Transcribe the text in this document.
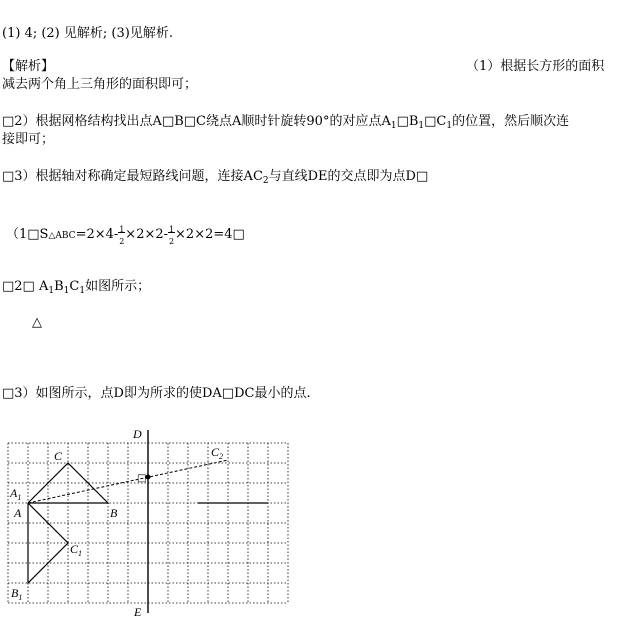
(1) 4; (2) 见解析; (3)见解析.
【解析】	（1）根据长方形的面积
减去两个角上三角形的面积即可；
□2）根据网格结构找出点A□B□C绕点A顺时针旋转90°的对应点$A_1□B_1□C_1$的位置，然后顺次连
接即可；
□3）根据轴对称确定最短路线问题，连接$AC_2$与直线DE的交点即为点D□
（1□S△ABC=2×4- 1
2 ×2×2- 1
2 ×2×2=4□
□2□ $A_1B_1C_1$如图所示；
△
□3）如图所示，点D即为所求的使DA□DC最小的点.
D
E
C
$A_1$
A	B
$C_1$
$B_1$
$C_2$
□
